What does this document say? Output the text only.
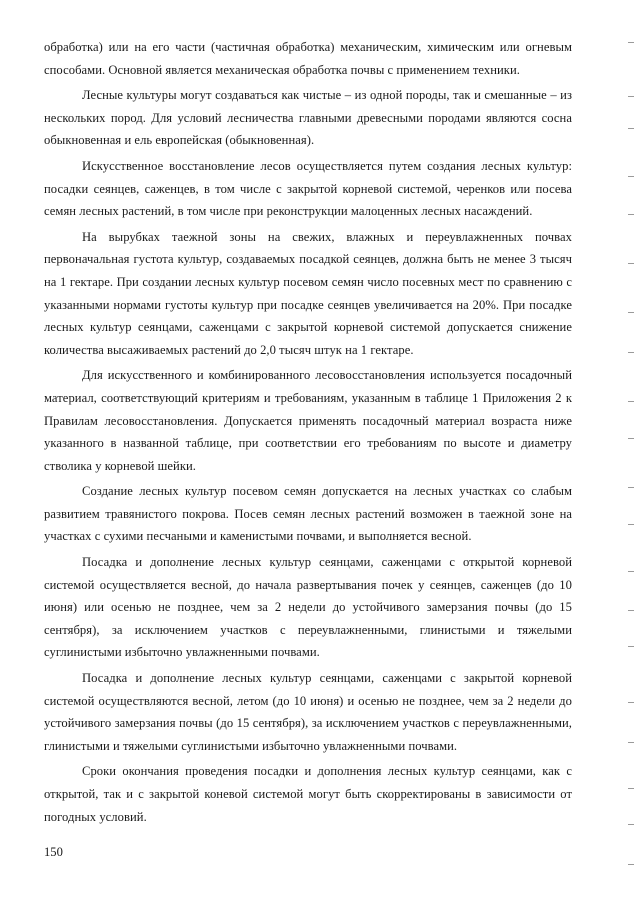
обработка) или на его части (частичная обработка) механическим, химическим или огневым способами. Основной является механическая обработка почвы с применением техники.

Лесные культуры могут создаваться как чистые – из одной породы, так и смешанные – из нескольких пород. Для условий лесничества главными древесными породами являются сосна обыкновенная и ель европейская (обыкновенная).

Искусственное восстановление лесов осуществляется путем создания лесных культур: посадки сеянцев, саженцев, в том числе с закрытой корневой системой, черенков или посева семян лесных растений, в том числе при реконструкции малоценных лесных насаждений.

На вырубках таежной зоны на свежих, влажных и переувлажненных почвах первоначальная густота культур, создаваемых посадкой сеянцев, должна быть не менее 3 тысяч на 1 гектаре. При создании лесных культур посевом семян число посевных мест по сравнению с указанными нормами густоты культур при посадке сеянцев увеличивается на 20%. При посадке лесных культур сеянцами, саженцами с закрытой корневой системой допускается снижение количества высаживаемых растений до 2,0 тысяч штук на 1 гектаре.

Для искусственного и комбинированного лесовосстановления используется посадочный материал, соответствующий критериям и требованиям, указанным в таблице 1 Приложения 2 к Правилам лесовосстановления. Допускается применять посадочный материал возраста ниже указанного в названной таблице, при соответствии его требованиям по высоте и диаметру стволика у корневой шейки.

Создание лесных культур посевом семян допускается на лесных участках со слабым развитием травянистого покрова. Посев семян лесных растений возможен в таежной зоне на участках с сухими песчаными и каменистыми почвами, и выполняется весной.

Посадка и дополнение лесных культур сеянцами, саженцами с открытой корневой системой осуществляется весной, до начала развертывания почек у сеянцев, саженцев (до 10 июня) или осенью не позднее, чем за 2 недели до устойчивого замерзания почвы (до 15 сентября), за исключением участков с переувлажненными, глинистыми и тяжелыми суглинистыми избыточно увлажненными почвами.

Посадка и дополнение лесных культур сеянцами, саженцами с закрытой корневой системой осуществляются весной, летом (до 10 июня) и осенью не позднее, чем за 2 недели до устойчивого замерзания почвы (до 15 сентября), за исключением участков с переувлажненными, глинистыми и тяжелыми суглинистыми избыточно увлажненными почвами.

Сроки окончания проведения посадки и дополнения лесных культур сеянцами, как с открытой, так и с закрытой коневой системой могут быть скорректированы в зависимости от погодных условий.

150
